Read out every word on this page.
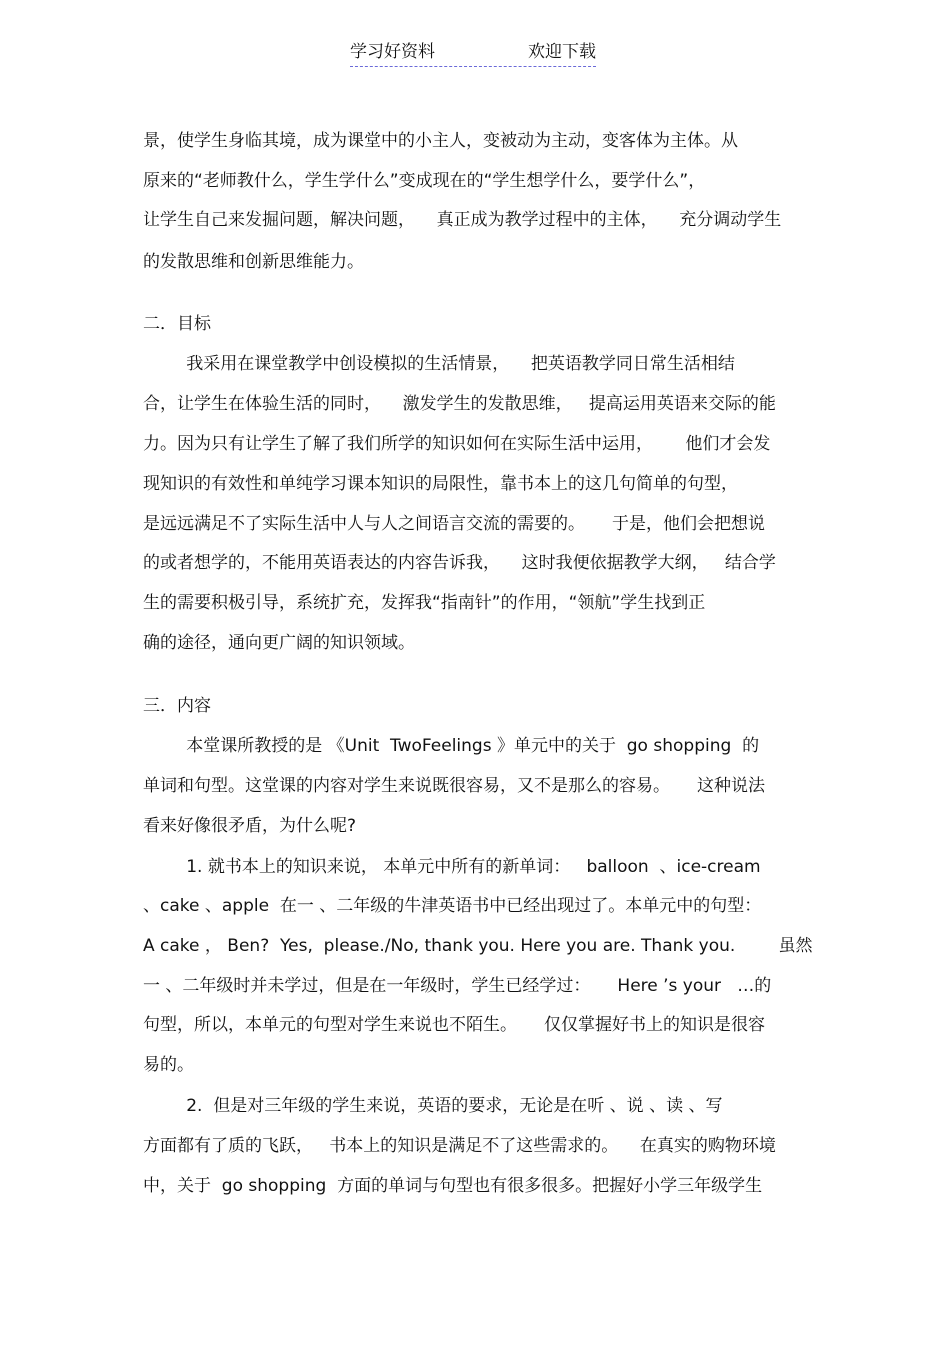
学习好资料	欢迎下载
景，使学生身临其境，成为课堂中的小主人，变被动为主动，变客体为主体。从
原来的“老师教什么，学生学什么”变成现在的“学生想学什么，要学什么”，
让学生自己来发掘问题，解决问题，    真正成为教学过程中的主体，    充分调动学生
的发散思维和创新思维能力。
二．目标
我采用在课堂教学中创设模拟的生活情景，    把英语教学同日常生活相结
合，让学生在体验生活的同时，    激发学生的发散思维，   提高运用英语来交际的能
力。因为只有让学生了解了我们所学的知识如何在实际生活中运用，      他们才会发
现知识的有效性和单纯学习课本知识的局限性，靠书本上的这几句简单的句型，
是远远满足不了实际生活中人与人之间语言交流的需要的。     于是，他们会把想说
的或者想学的，不能用英语表达的内容告诉我，    这时我便依据教学大纲，   结合学
生的需要积极引导，系统扩充，发挥我“指南针”的作用，“领航”学生找到正
确的途径，通向更广阔的知识领域。
三．内容
本堂课所教授的是 《Unit  TwoFeelings 》单元中的关于  go shopping  的
单词和句型。这堂课的内容对学生来说既很容易，又不是那么的容易。     这种说法
看来好像很矛盾，为什么呢?
1. 就书本上的知识来说， 本单元中所有的新单词：   balloon  、ice-cream
、cake 、apple  在一 、二年级的牛津英语书中已经出现过了。本单元中的句型：
A cake ， Ben?  Yes,  please./No, thank you. Here you are. Thank you.        虽然
一 、二年级时并未学过，但是在一年级时，学生已经学过：     Here ’s your   …的
句型，所以，本单元的句型对学生来说也不陌生。     仅仅掌握好书上的知识是很容
易的。
2.  但是对三年级的学生来说，英语的要求，无论是在听 、说 、读 、写
方面都有了质的飞跃，   书本上的知识是满足不了这些需求的。    在真实的购物环境
中，关于  go shopping  方面的单词与句型也有很多很多。把握好小学三年级学生
